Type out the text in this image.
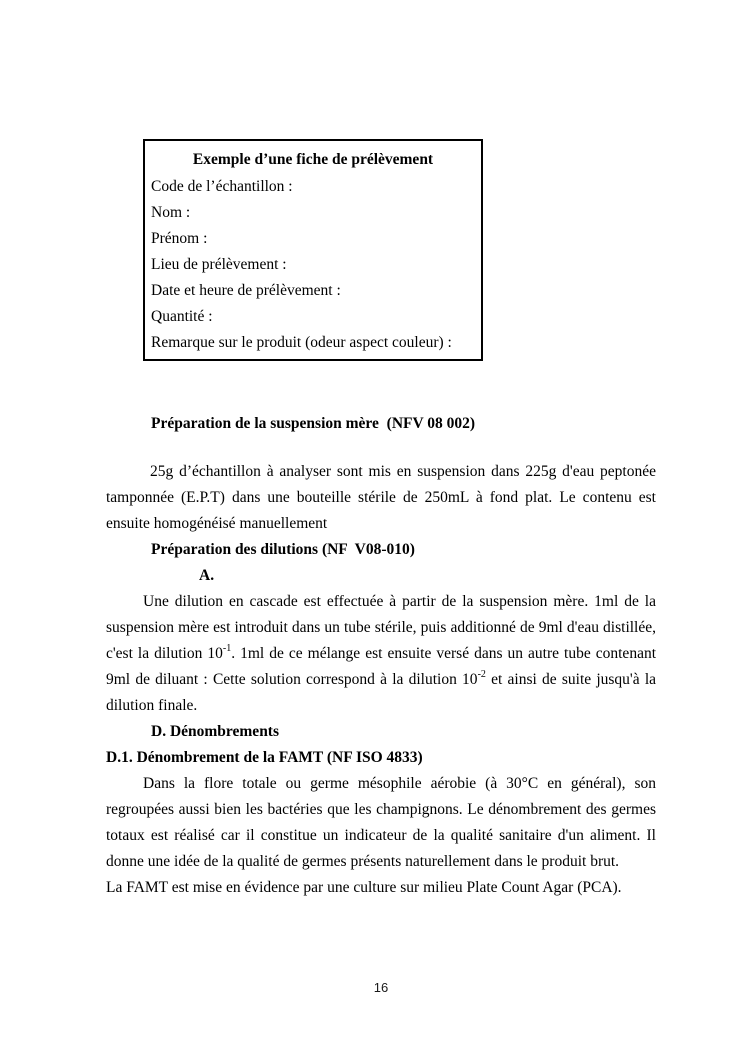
Exemple d’une fiche de prélèvement
Code de l’échantillon :
Nom :
Prénom :
Lieu de prélèvement :
Date et heure de prélèvement :
Quantité :
Remarque sur le produit (odeur aspect couleur) :
Préparation de la suspension mère  (NFV 08 002)

25g d’échantillon à analyser sont mis en suspension dans 225g d'eau peptonée tamponnée (E.P.T) dans une bouteille stérile de 250mL à fond plat. Le contenu est ensuite homogénéisé manuellement

Préparation des dilutions (NF  V08-010)
A.

Une dilution en cascade est effectuée à partir de la suspension mère. 1ml de la suspension mère est introduit dans un tube stérile, puis additionné de 9ml d'eau distillée, c'est la dilution $10^{-1}$. 1ml de ce mélange est ensuite versé dans un autre tube contenant 9ml de diluant : Cette solution correspond à la dilution $10^{-2}$ et ainsi de suite jusqu'à la dilution finale.

D. Dénombrements
D.1. Dénombrement de la FAMT (NF ISO 4833)

Dans la flore totale ou germe mésophile aérobie (à 30°C en général), son regroupées aussi bien les bactéries que les champignons. Le dénombrement des germes totaux est réalisé car il constitue un indicateur de la qualité sanitaire d'un aliment. Il donne une idée de la qualité de germes présents naturellement dans le produit brut.

La FAMT est mise en évidence par une culture sur milieu Plate Count Agar (PCA).

16
